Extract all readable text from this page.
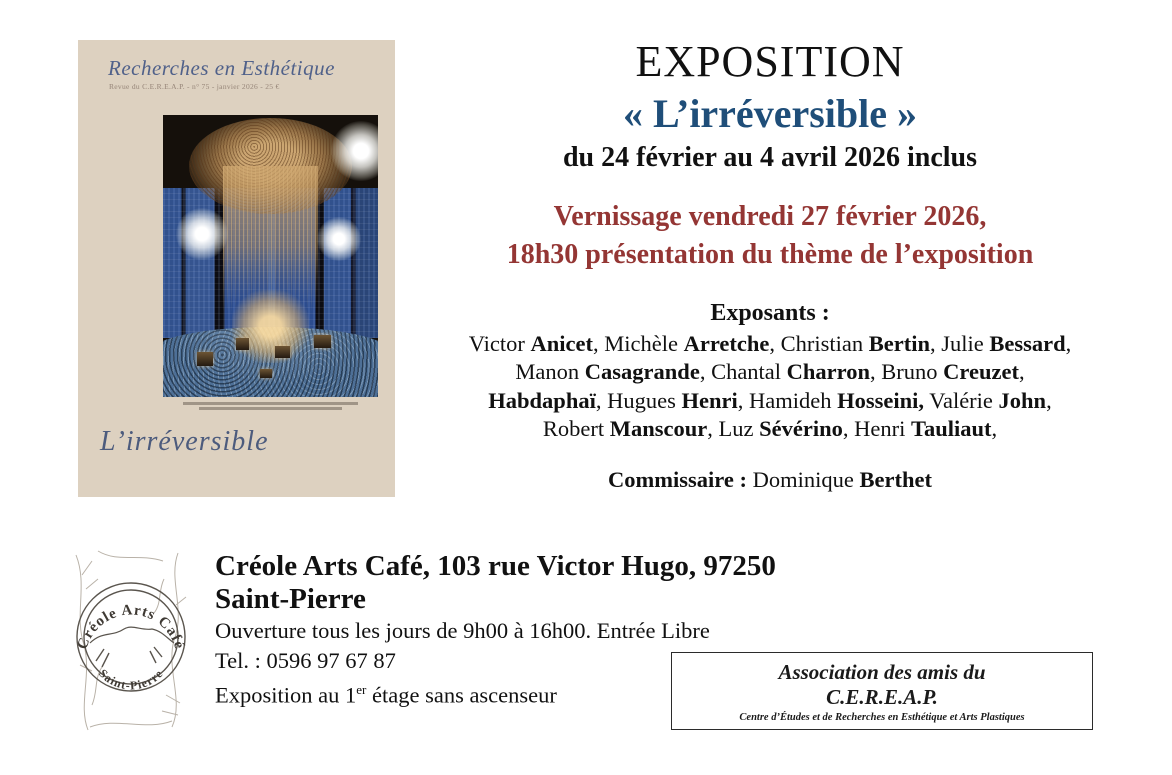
Recherches en Esthétique
Revue du C.E.R.E.A.P. - n° 75 - janvier 2026 - 25 €
L’irréversible
EXPOSITION
« L’irréversible »
du 24 février au 4 avril 2026 inclus
Vernissage vendredi 27 février 2026,
18h30 présentation du thème de l’exposition
Exposants :
Victor Anicet, Michèle Arretche, Christian Bertin, Julie Bessard,
Manon Casagrande, Chantal Charron, Bruno Creuzet,
Habdaphaï, Hugues Henri, Hamideh Hosseini, Valérie John,
Robert Manscour, Luz Sévérino, Henri Tauliaut,
Commissaire : Dominique Berthet
Créole Arts Café
Saint-Pierre
Créole Arts Café, 103 rue Victor Hugo, 97250 Saint-Pierre
Ouverture tous les jours de 9h00 à 16h00. Entrée Libre
Tel. : 0596 97 67 87
Exposition au 1er étage sans ascenseur
Association des amis du
C.E.R.E.A.P.
Centre d’Études et de Recherches en Esthétique et Arts Plastiques
